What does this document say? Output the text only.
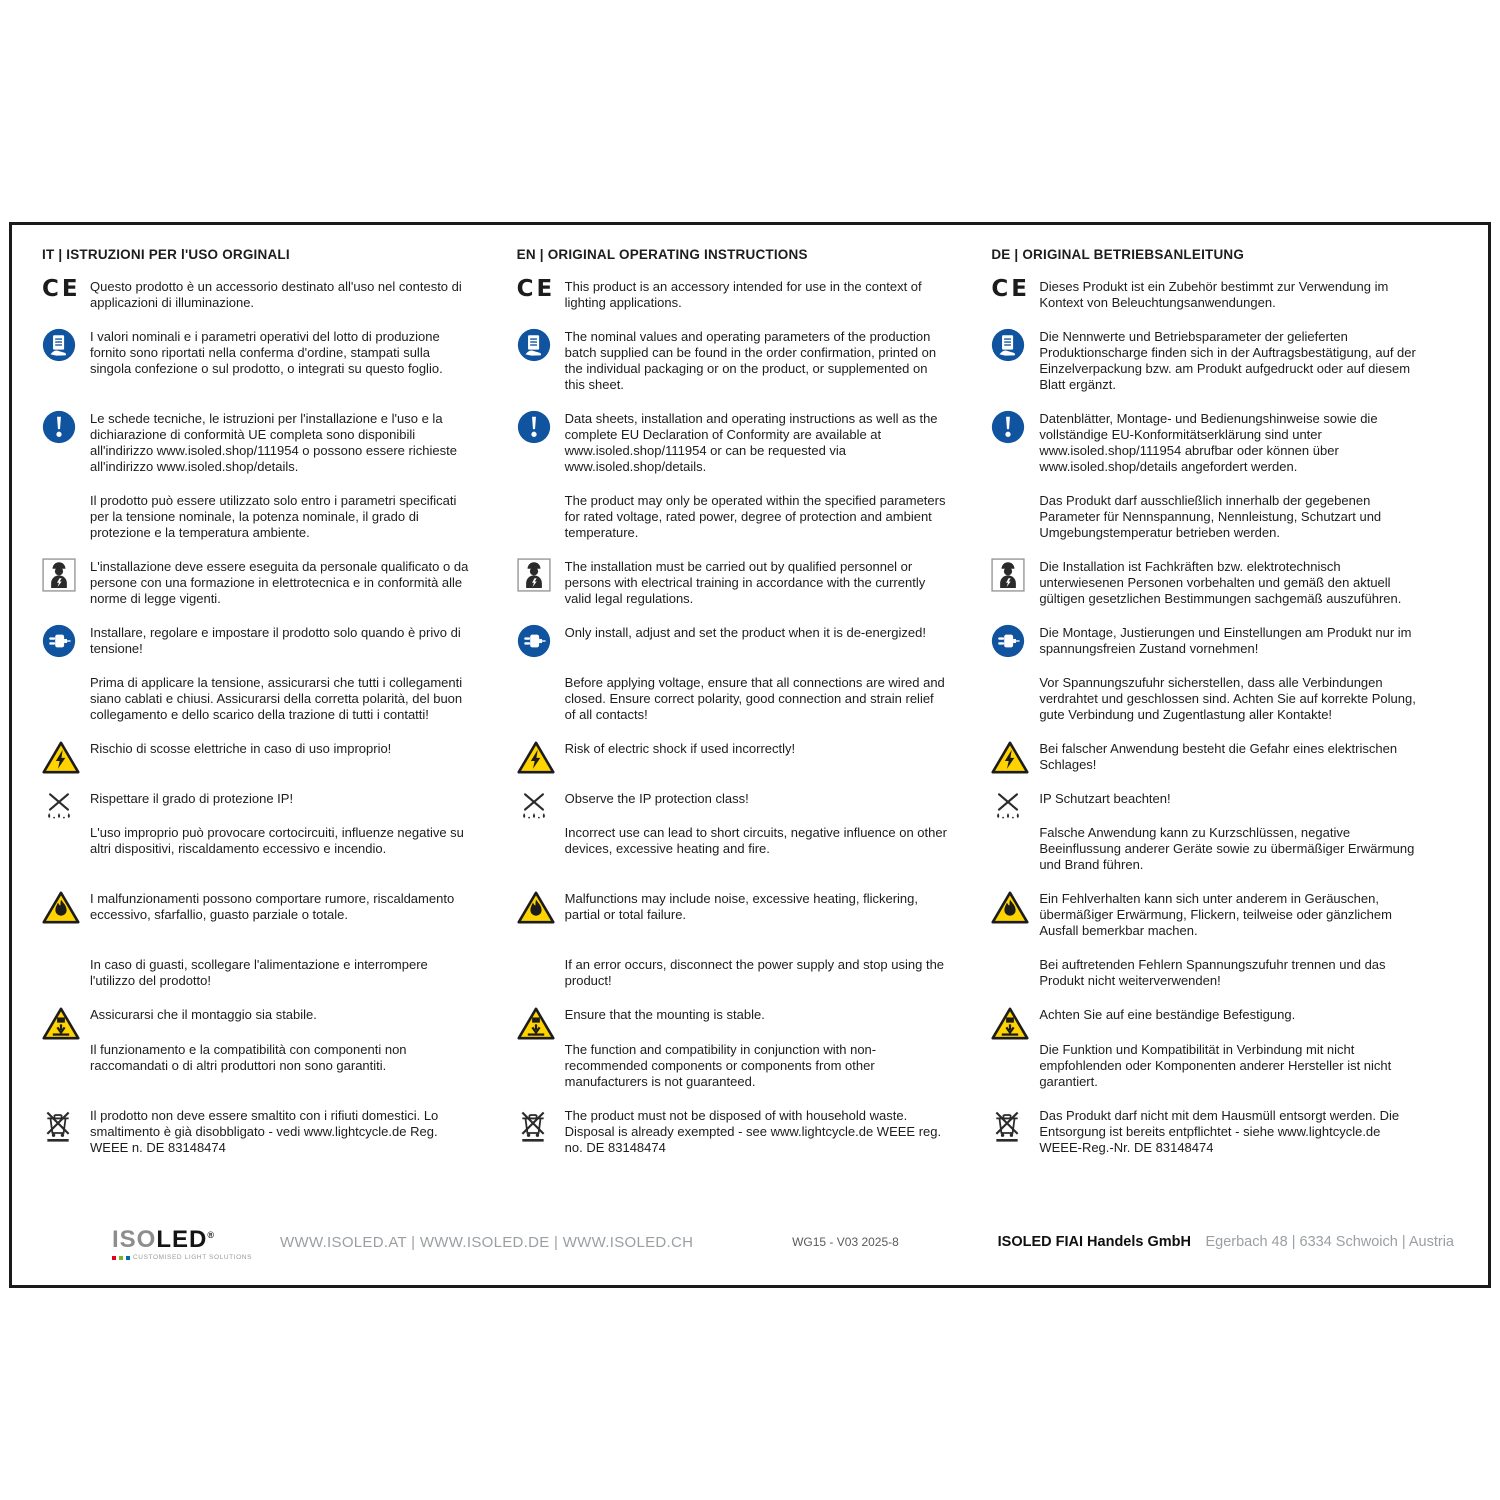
IT | ISTRUZIONI PER l'USO ORGINALI	EN | ORIGINAL OPERATING INSTRUCTIONS	DE | ORIGINAL BETRIEBSANLEITUNG
CE Questo prodotto è un accessorio destinato all'uso nel contesto di applicazioni di illuminazione.
CE This product is an accessory intended for use in the context of lighting applications.
CE Dieses Produkt ist ein Zubehör bestimmt zur Verwendung im Kontext von Beleuchtungsanwendungen.
I valori nominali e i parametri operativi del lotto di produzione fornito sono riportati nella conferma d'ordine, stampati sulla singola confezione o sul prodotto, o integrati su questo foglio.
The nominal values and operating parameters of the production batch supplied can be found in the order confirmation, printed on the individual packaging or on the product, or supplemented on this sheet.
Die Nennwerte und Betriebsparameter der gelieferten Produktionscharge finden sich in der Auftragsbestätigung, auf der Einzelverpackung bzw. am Produkt aufgedruckt oder auf diesem Blatt ergänzt.
Le schede tecniche, le istruzioni per l'installazione e l'uso e la dichiarazione di conformità UE completa sono disponibili all'indirizzo www.isoled.shop/111954 o possono essere richieste all'indirizzo www.isoled.shop/details.
Data sheets, installation and operating instructions as well as the complete EU Declaration of Conformity are available at www.isoled.shop/111954 or can be requested via www.isoled.shop/details.
Datenblätter, Montage- und Bedienungshinweise sowie die vollständige EU-Konformitätserklärung sind unter www.isoled.shop/111954 abrufbar oder können über www.isoled.shop/details angefordert werden.
Il prodotto può essere utilizzato solo entro i parametri specificati per la tensione nominale, la potenza nominale, il grado di protezione e la temperatura ambiente.
The product may only be operated within the specified parameters for rated voltage, rated power, degree of protection and ambient temperature.
Das Produkt darf ausschließlich innerhalb der gegebenen Parameter für Nennspannung, Nennleistung, Schutzart und Umgebungstemperatur betrieben werden.
L'installazione deve essere eseguita da personale qualificato o da persone con una formazione in elettrotecnica e in conformità alle norme di legge vigenti.
The installation must be carried out by qualified personnel or persons with electrical training in accordance with the currently valid legal regulations.
Die Installation ist Fachkräften bzw. elektrotechnisch unterwiesenen Personen vorbehalten und gemäß den aktuell gültigen gesetzlichen Bestimmungen sachgemäß auszuführen.
Installare, regolare e impostare il prodotto solo quando è privo di tensione!
Only install, adjust and set the product when it is de-energized!	Die Montage, Justierungen und Einstellungen am Produkt nur im spannungsfreien Zustand vornehmen!
Prima di applicare la tensione, assicurarsi che tutti i collegamenti siano cablati e chiusi. Assicurarsi della corretta polarità, del buon collegamento e dello scarico della trazione di tutti i contatti!
Before applying voltage, ensure that all connections are wired and closed. Ensure correct polarity, good connection and strain relief of all contacts!
Vor Spannungszufuhr sicherstellen, dass alle Verbindungen verdrahtet und geschlossen sind. Achten Sie auf korrekte Polung, gute Verbindung und Zugentlastung aller Kontakte!
Rischio di scosse elettriche in caso di uso improprio!	Risk of electric shock if used incorrectly!	Bei falscher Anwendung besteht die Gefahr eines elektrischen Schlages!
Rispettare il grado di protezione IP!	Observe the IP protection class!	IP Schutzart beachten!
L'uso improprio può provocare cortocircuiti, influenze negative su altri dispositivi, riscaldamento eccessivo e incendio.
Incorrect use can lead to short circuits, negative influence on other devices, excessive heating and fire.
Falsche Anwendung kann zu Kurzschlüssen, negative Beeinflussung anderer Geräte sowie zu übermäßiger Erwärmung und Brand führen.
I malfunzionamenti possono comportare rumore, riscaldamento eccessivo, sfarfallio, guasto parziale o totale.
Malfunctions may include noise, excessive heating, flickering, partial or total failure.
Ein Fehlverhalten kann sich unter anderem in Geräuschen, übermäßiger Erwärmung, Flickern, teilweise oder gänzlichem Ausfall bemerkbar machen.
In caso di guasti, scollegare l'alimentazione e interrompere l'utilizzo del prodotto!
If an error occurs, disconnect the power supply and stop using the product!
Bei auftretenden Fehlern Spannungszufuhr trennen und das Produkt nicht weiterverwenden!
Assicurarsi che il montaggio sia stabile.	Ensure that the mounting is stable.	Achten Sie auf eine beständige Befestigung.
Il funzionamento e la compatibilità con componenti non raccomandati o di altri produttori non sono garantiti.
The function and compatibility in conjunction with non-recommended components or components from other manufacturers is not guaranteed.
Die Funktion und Kompatibilität in Verbindung mit nicht empfohlenden oder Komponenten anderer Hersteller ist nicht garantiert.
Il prodotto non deve essere smaltito con i rifiuti domestici. Lo smaltimento è già disobbligato - vedi www.lightcycle.de Reg. WEEE n. DE 83148474
The product must not be disposed of with household waste. Disposal is already exempted - see www.lightcycle.de WEEE reg. no. DE 83148474
Das Produkt darf nicht mit dem Hausmüll entsorgt werden. Die Entsorgung ist bereits entpflichtet - siehe www.lightcycle.de WEEE-Reg.-Nr. DE 83148474
ISOLED®
CUSTOMISED LIGHT SOLUTIONS
WWW.ISOLED.AT | WWW.ISOLED.DE | WWW.ISOLED.CH	WG15 - V03 2025-8	ISOLED FIAI Handels GmbH Egerbach 48 | 6334 Schwoich | Austria
